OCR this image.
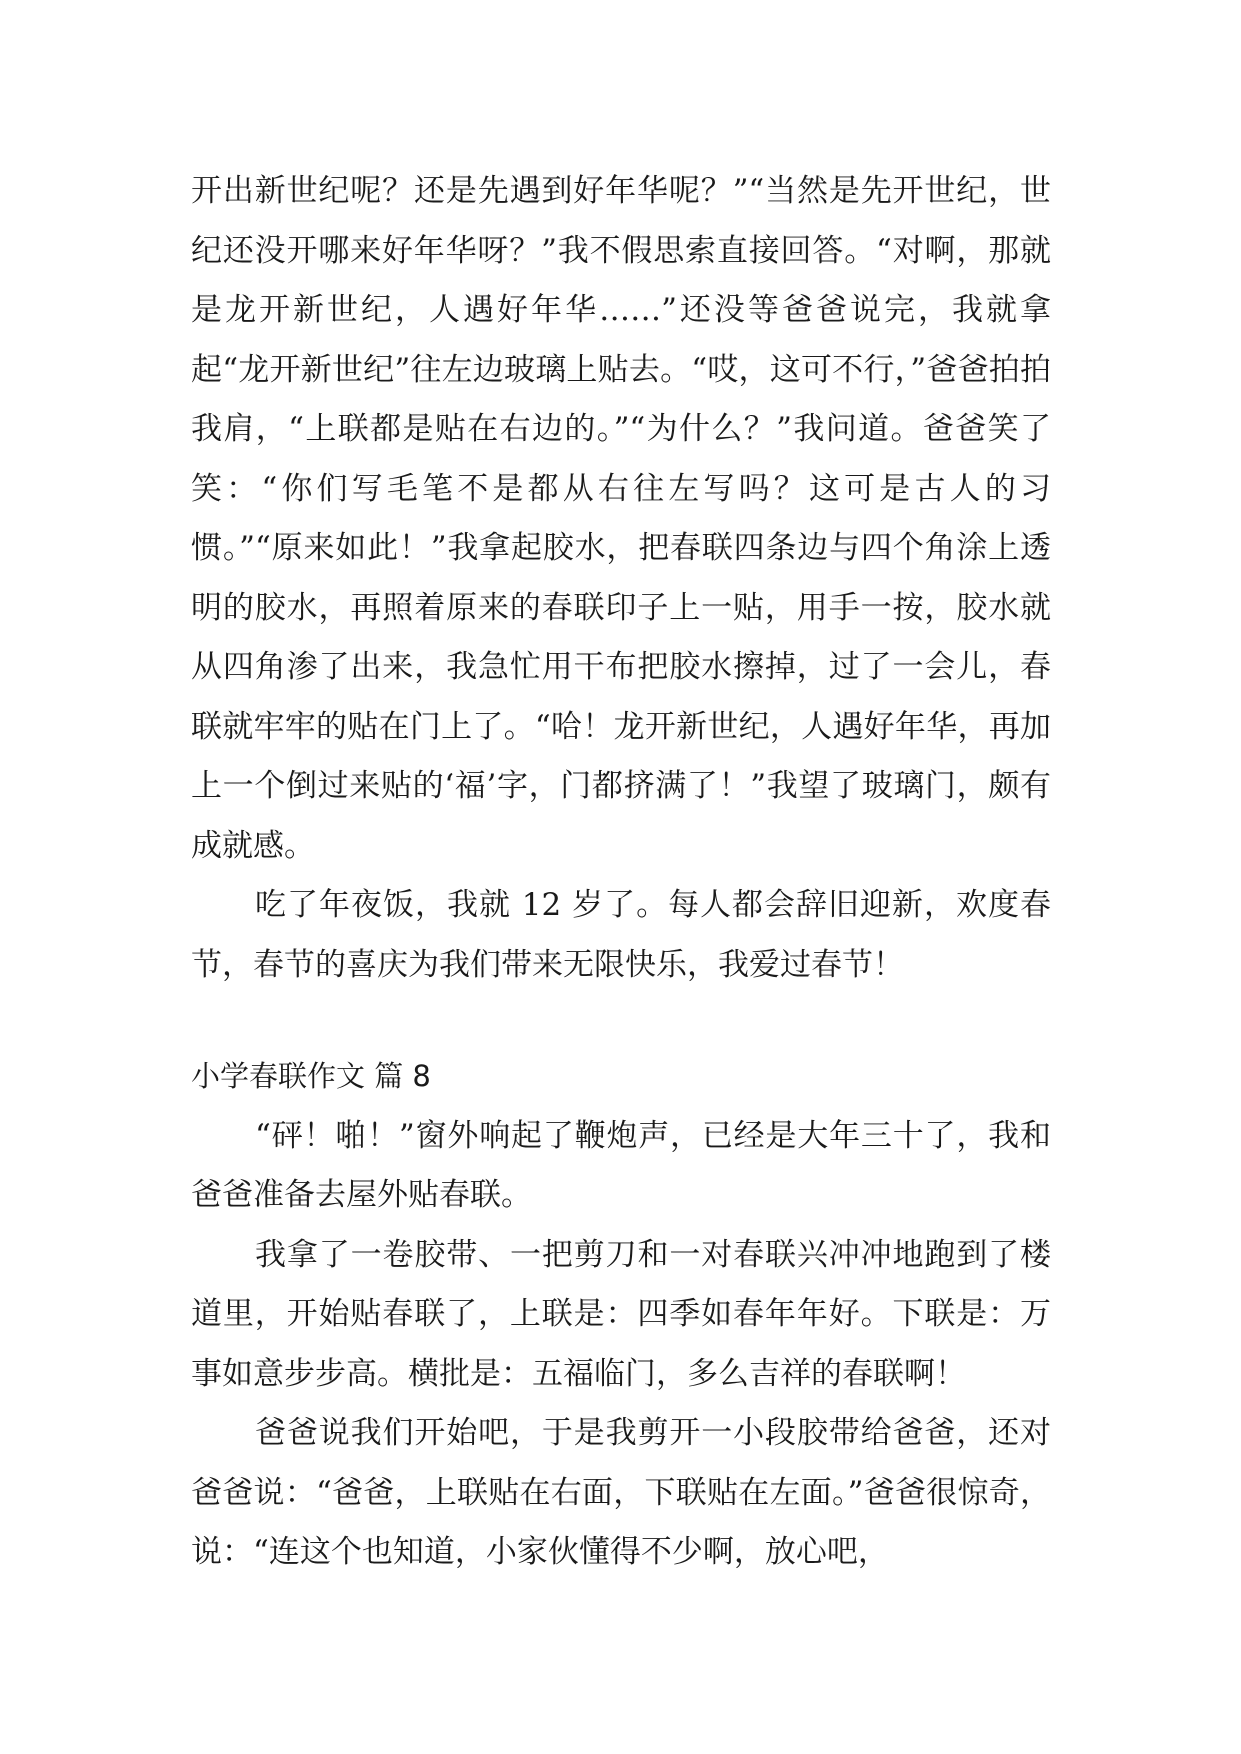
开出新世纪呢？还是先遇到好年华呢？”“当然是先开世纪，世纪还没开哪来好年华呀？”我不假思索直接回答。“对啊，那就是龙开新世纪，人遇好年华……”还没等爸爸说完，我就拿起“龙开新世纪”往左边玻璃上贴去。“哎，这可不行，”爸爸拍拍我肩，“上联都是贴在右边的。”“为什么？”我问道。爸爸笑了笑：“你们写毛笔不是都从右往左写吗？这可是古人的习惯。”“原来如此！”我拿起胶水，把春联四条边与四个角涂上透明的胶水，再照着原来的春联印子上一贴，用手一按，胶水就从四角渗了出来，我急忙用干布把胶水擦掉，过了一会儿，春联就牢牢的贴在门上了。“哈！龙开新世纪，人遇好年华，再加上一个倒过来贴的‘福’字，门都挤满了！”我望了玻璃门，颇有成就感。

吃了年夜饭，我就 12 岁了。每人都会辞旧迎新，欢度春节，春节的喜庆为我们带来无限快乐，我爱过春节！

小学春联作文 篇 8

“砰！啪！”窗外响起了鞭炮声，已经是大年三十了，我和爸爸准备去屋外贴春联。

我拿了一卷胶带、一把剪刀和一对春联兴冲冲地跑到了楼道里，开始贴春联了，上联是：四季如春年年好。下联是：万事如意步步高。横批是：五福临门，多么吉祥的春联啊！

爸爸说我们开始吧，于是我剪开一小段胶带给爸爸，还对爸爸说：“爸爸，上联贴在右面，下联贴在左面。”爸爸很惊奇，说：“连这个也知道，小家伙懂得不少啊，放心吧，
